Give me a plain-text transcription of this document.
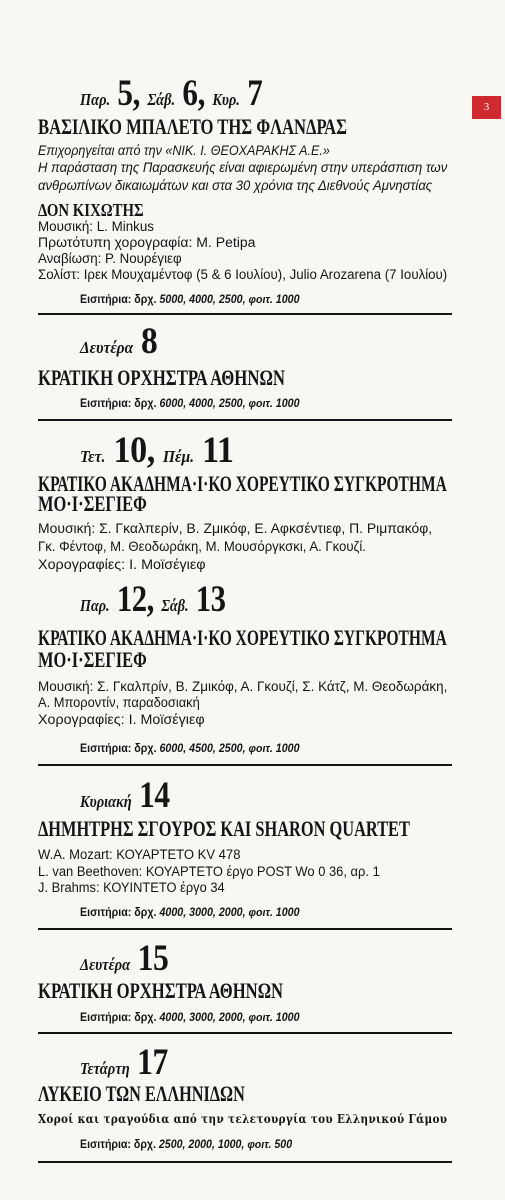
3
Παρ. 5, Σάβ. 6, Κυρ. 7
ΒΑΣΙΛΙΚΟ ΜΠΑΛΕΤΟ ΤΗΣ ΦΛΑΝΔΡΑΣ
Επιχορηγείται από την «ΝΙΚ. Ι. ΘΕΟΧΑΡΑΚΗΣ Α.Ε.»
Η παράσταση της Παρασκευής είναι αφιερωμένη στην υπεράσπιση των
ανθρωπίνων δικαιωμάτων και στα 30 χρόνια της Διεθνούς Αμνηστίας
ΔΟΝ ΚΙΧΩΤΗΣ
Μουσική: L. Minkus
Πρωτότυπη χορογραφία: M. Petipa
Αναβίωση: Ρ. Νουρέγιεφ
Σολίστ: Ιρεκ Μουχαμέντοφ (5 & 6 Ιουλίου), Julio Arozarena (7 Ιουλίου)
Εισιτήρια: δρχ. 5000, 4000, 2500, φοιτ. 1000
Δευτέρα 8
ΚΡΑΤΙΚΗ ΟΡΧΗΣΤΡΑ ΑΘΗΝΩΝ
Εισιτήρια: δρχ. 6000, 4000, 2500, φοιτ. 1000
Τετ. 10, Πέμ. 11
ΚΡΑΤΙΚΟ ΑΚΑΔΗΜΑ·Ι·ΚΟ ΧΟΡΕΥΤΙΚΟ ΣΥΓΚΡΟΤΗΜΑ
ΜΟ·Ι·ΣΕΓΙΕΦ
Μουσική: Σ. Γκαλπερίν, Β. Ζμικόφ, Ε. Αφκσέντιεφ, Π. Ριμπακόφ,
Γκ. Φέντοφ, Μ. Θεοδωράκη, Μ. Μουσόργκσκι, Α. Γκουζί.
Χορογραφίες: Ι. Μοϊσέγιεφ
Παρ. 12, Σάβ. 13
ΚΡΑΤΙΚΟ ΑΚΑΔΗΜΑ·Ι·ΚΟ ΧΟΡΕΥΤΙΚΟ ΣΥΓΚΡΟΤΗΜΑ
ΜΟ·Ι·ΣΕΓΙΕΦ
Μουσική: Σ. Γκαλπρίν, Β. Ζμικόφ, Α. Γκουζί, Σ. Κάτζ, Μ. Θεοδωράκη,
Α. Μποροντίν, παραδοσιακή
Χορογραφίες: Ι. Μοϊσέγιεφ
Εισιτήρια: δρχ. 6000, 4500, 2500, φοιτ. 1000
Κυριακή 14
ΔΗΜΗΤΡΗΣ ΣΓΟΥΡΟΣ ΚΑΙ SHARON QUARTET
W.A. Mozart: ΚΟΥΑΡΤΕΤΟ KV 478
L. van Beethoven: ΚΟΥΑΡΤΕΤΟ έργο POST Wo 0 36, αρ. 1
J. Brahms: ΚΟΥΙΝΤΕΤΟ έργο 34
Εισιτήρια: δρχ. 4000, 3000, 2000, φοιτ. 1000
Δευτέρα 15
ΚΡΑΤΙΚΗ ΟΡΧΗΣΤΡΑ ΑΘΗΝΩΝ
Εισιτήρια: δρχ. 4000, 3000, 2000, φοιτ. 1000
Τετάρτη 17
ΛΥΚΕΙΟ ΤΩΝ ΕΛΛΗΝΙΔΩΝ
Χοροί και τραγούδια από την τελετουργία του Ελληνικού Γάμου
Εισιτήρια: δρχ. 2500, 2000, 1000, φοιτ. 500
